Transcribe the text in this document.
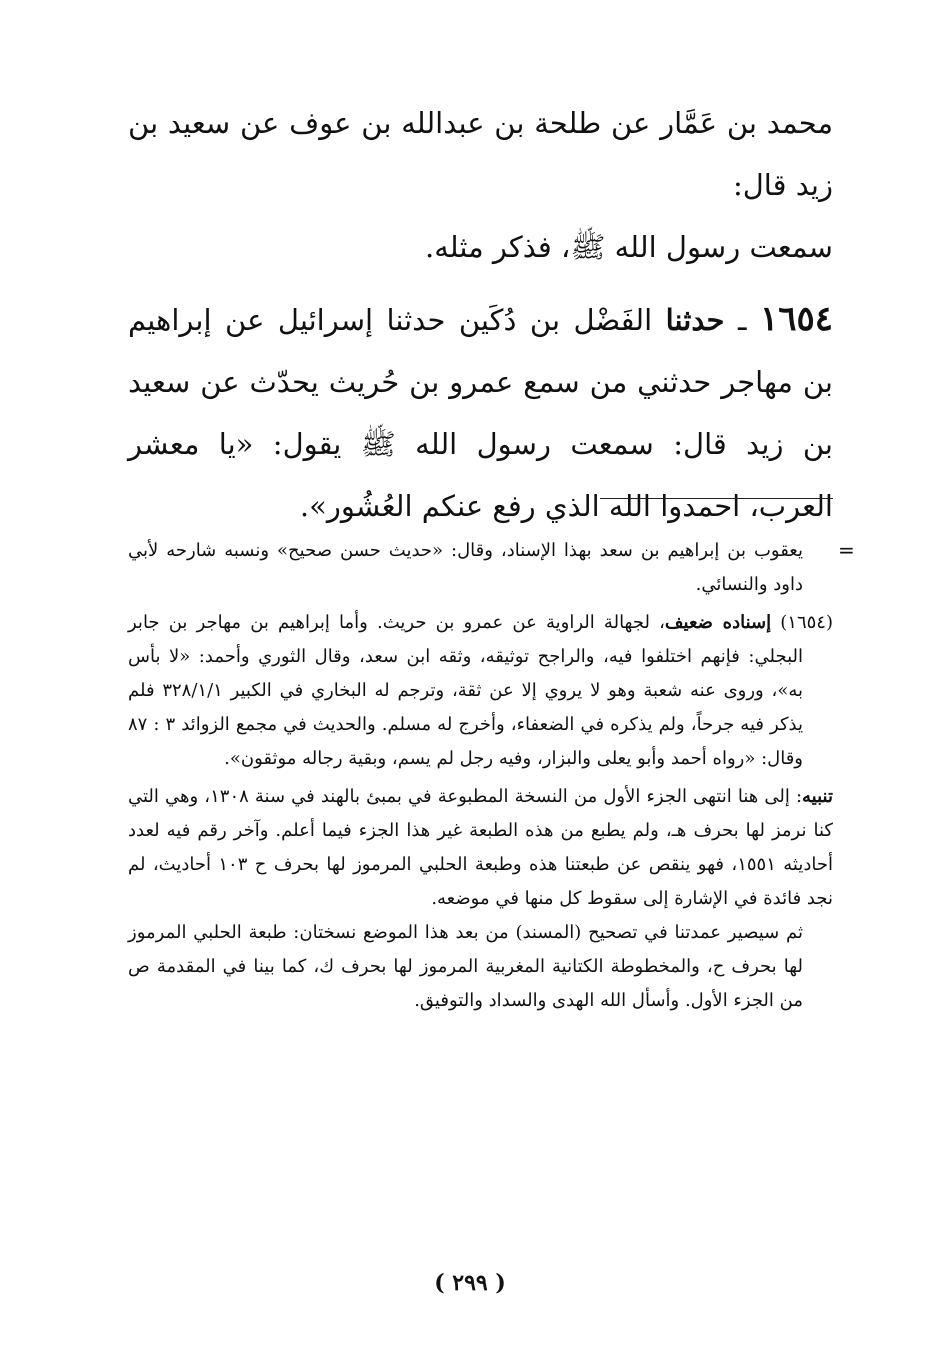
محمد بن عَمَّار عن طلحة بن عبدالله بن عوف عن سعيد بن زيد قال:
سمعت رسول الله ﷺ، فذكر مثله.

١٦٥٤ ـ حدثنا الفَضْل بن دُكَين حدثنا إسرائيل عن إبراهيم بن مهاجر حدثني من سمع عمرو بن حُريث يحدّث عن سعيد بن زيد قال: سمعت رسول الله ﷺ يقول: «يا معشر العرب، احمدوا الله الذي رفع عنكم العُشُور».

=

يعقوب بن إبراهيم بن سعد بهذا الإسناد، وقال: «حديث حسن صحيح» ونسبه شارحه لأبي داود والنسائي.

(١٦٥٤) إسناده ضعيف، لجهالة الراوية عن عمرو بن حريث. وأما إبراهيم بن مهاجر بن جابر البجلي: فإنهم اختلفوا فيه، والراجح توثيقه، وثقه ابن سعد، وقال الثوري وأحمد: «لا بأس به»، وروى عنه شعبة وهو لا يروي إلا عن ثقة، وترجم له البخاري في الكبير ٣٢٨/١/١ فلم يذكر فيه جرحاً، ولم يذكره في الضعفاء، وأخرج له مسلم. والحديث في مجمع الزوائد ٣ : ٨٧ وقال: «رواه أحمد وأبو يعلى والبزار، وفيه رجل لم يسم، وبقية رجاله موثقون».

تنبيه: إلى هنا انتهى الجزء الأول من النسخة المطبوعة في بمبئ بالهند في سنة ١٣٠٨، وهي التي كنا نرمز لها بحرف هـ، ولم يطبع من هذه الطبعة غير هذا الجزء فيما أعلم. وآخر رقم فيه لعدد أحاديثه ١٥٥١، فهو ينقص عن طبعتنا هذه وطبعة الحلبي المرموز لها بحرف ح ١٠٣ أحاديث، لم نجد فائدة في الإشارة إلى سقوط كل منها في موضعه.

ثم سيصير عمدتنا في تصحيح (المسند) من بعد هذا الموضع نسختان: طبعة الحلبي المرموز لها بحرف ح، والمخطوطة الكتانية المغربية المرموز لها بحرف ك، كما بينا في المقدمة ص من الجزء الأول. وأسأل الله الهدى والسداد والتوفيق.

( ٢٩٩ )
